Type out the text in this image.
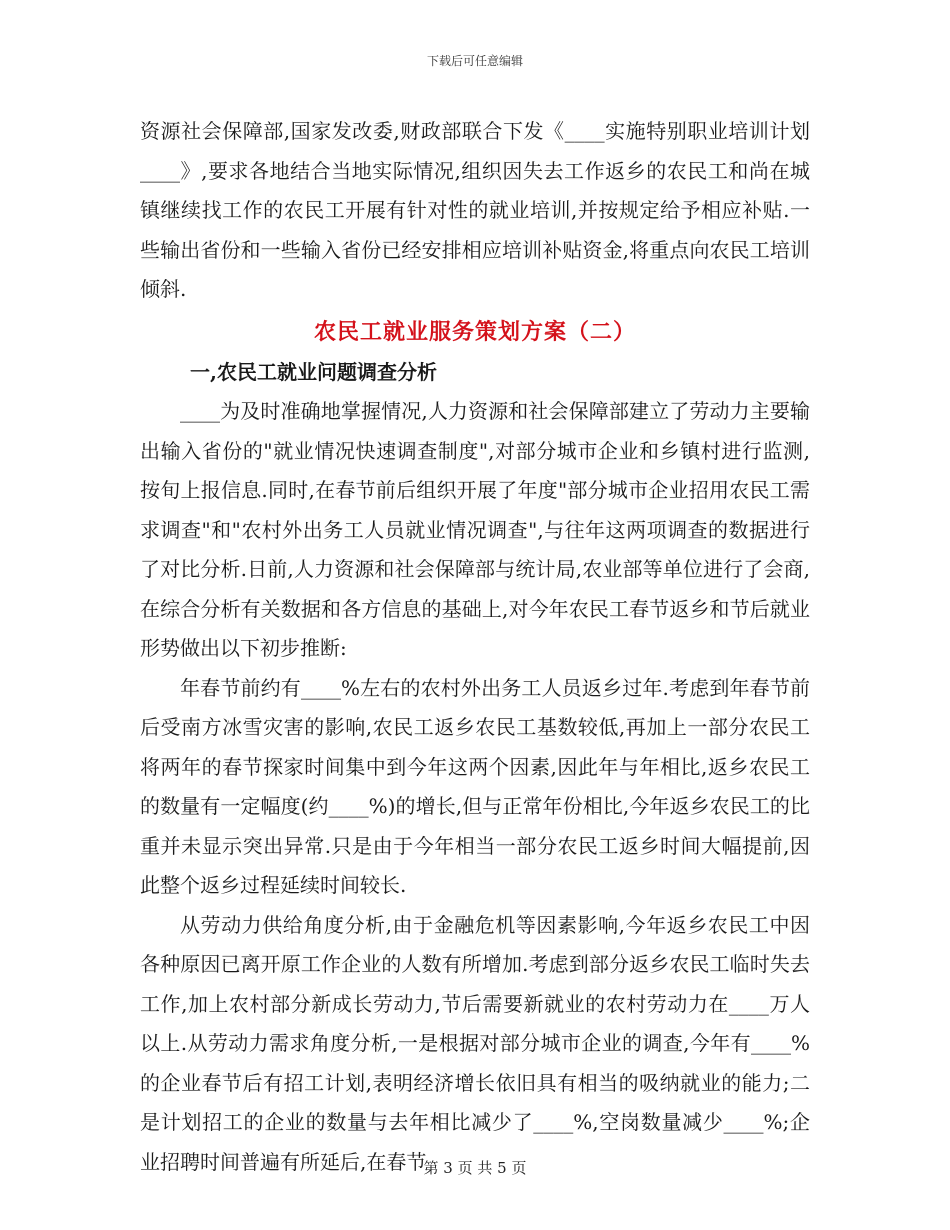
下载后可任意编辑

资源社会保障部,国家发改委,财政部联合下发《____实施特别职业培训计划____》,要求各地结合当地实际情况,组织因失去工作返乡的农民工和尚在城镇继续找工作的农民工开展有针对性的就业培训,并按规定给予相应补贴.一些输出省份和一些输入省份已经安排相应培训补贴资金,将重点向农民工培训倾斜.

农民工就业服务策划方案（二）
一,农民工就业问题调查分析

____为及时准确地掌握情况,人力资源和社会保障部建立了劳动力主要输出输入省份的"就业情况快速调查制度",对部分城市企业和乡镇村进行监测,按旬上报信息.同时,在春节前后组织开展了年度"部分城市企业招用农民工需求调查"和"农村外出务工人员就业情况调查",与往年这两项调查的数据进行了对比分析.日前,人力资源和社会保障部与统计局,农业部等单位进行了会商,在综合分析有关数据和各方信息的基础上,对今年农民工春节返乡和节后就业形势做出以下初步推断:

年春节前约有____%左右的农村外出务工人员返乡过年.考虑到年春节前后受南方冰雪灾害的影响,农民工返乡农民工基数较低,再加上一部分农民工将两年的春节探家时间集中到今年这两个因素,因此年与年相比,返乡农民工的数量有一定幅度(约____%)的增长,但与正常年份相比,今年返乡农民工的比重并未显示突出异常.只是由于今年相当一部分农民工返乡时间大幅提前,因此整个返乡过程延续时间较长.

从劳动力供给角度分析,由于金融危机等因素影响,今年返乡农民工中因各种原因已离开原工作企业的人数有所增加.考虑到部分返乡农民工临时失去工作,加上农村部分新成长劳动力,节后需要新就业的农村劳动力在____万人以上.从劳动力需求角度分析,一是根据对部分城市企业的调查,今年有____%的企业春节后有招工计划,表明经济增长依旧具有相当的吸纳就业的能力;二是计划招工的企业的数量与去年相比减少了____%,空岗数量减少____%;企业招聘时间普遍有所延后,在春节

第 3 页 共 5 页
